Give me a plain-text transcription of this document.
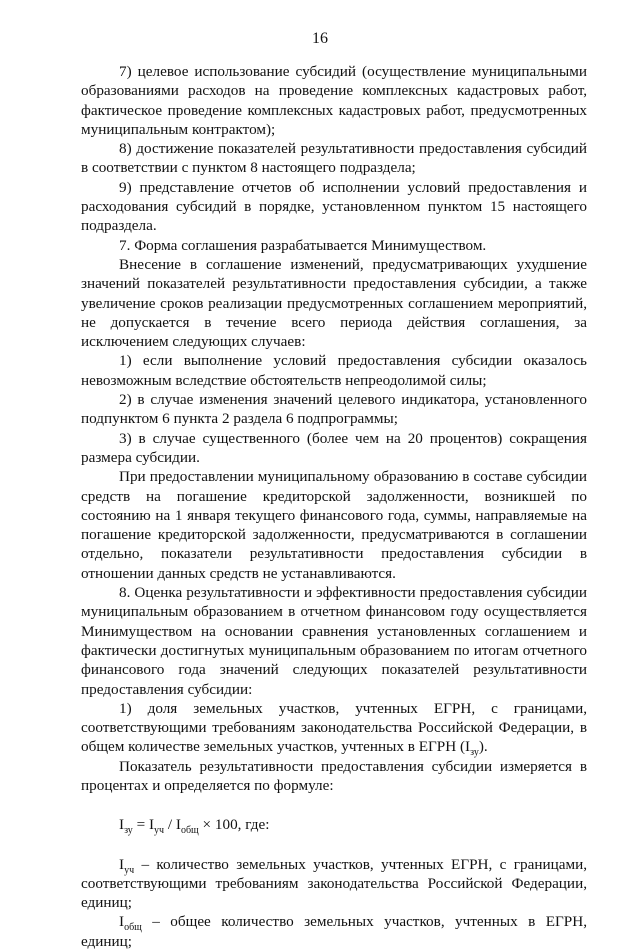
16

7) целевое использование субсидий (осуществление муниципальными образованиями расходов на проведение комплексных кадастровых работ, фактическое проведение комплексных кадастровых работ, предусмотренных муниципальным контрактом);

8) достижение показателей результативности предоставления субсидий в соответствии с пунктом 8 настоящего подраздела;

9) представление отчетов об исполнении условий предоставления и расходования субсидий в порядке, установленном пунктом 15 настоящего подраздела.

7. Форма соглашения разрабатывается Минимуществом.

Внесение в соглашение изменений, предусматривающих ухудшение значений показателей результативности предоставления субсидии, а также увеличение сроков реализации предусмотренных соглашением мероприятий, не допускается в течение всего периода действия соглашения, за исключением следующих случаев:

1) если выполнение условий предоставления субсидии оказалось невозможным вследствие обстоятельств непреодолимой силы;

2) в случае изменения значений целевого индикатора, установленного подпунктом 6 пункта 2 раздела 6 подпрограммы;

3) в случае существенного (более чем на 20 процентов) сокращения размера субсидии.

При предоставлении муниципальному образованию в составе субсидии средств на погашение кредиторской задолженности, возникшей по состоянию на 1 января текущего финансового года, суммы, направляемые на погашение кредиторской задолженности, предусматриваются в соглашении отдельно, показатели результативности предоставления субсидии в отношении данных средств не устанавливаются.

8. Оценка результативности и эффективности предоставления субсидии муниципальным образованием в отчетном финансовом году осуществляется Минимуществом на основании сравнения установленных соглашением и фактически достигнутых муниципальным образованием по итогам отчетного финансового года значений следующих показателей результативности предоставления субсидии:

1) доля земельных участков, учтенных ЕГРН, с границами, соответствующими требованиям законодательства Российской Федерации, в общем количестве земельных участков, учтенных в ЕГРН $(I_{зу})$.

Показатель результативности предоставления субсидии измеряется в процентах и определяется по формуле:

$I_{зу} = I_{уч} / I_{общ} \times 100$, где:

$I_{уч}$ – количество земельных участков, учтенных ЕГРН, с границами, соответствующими требованиям законодательства Российской Федерации, единиц;

$I_{общ}$ – общее количество земельных участков, учтенных в ЕГРН, единиц;
